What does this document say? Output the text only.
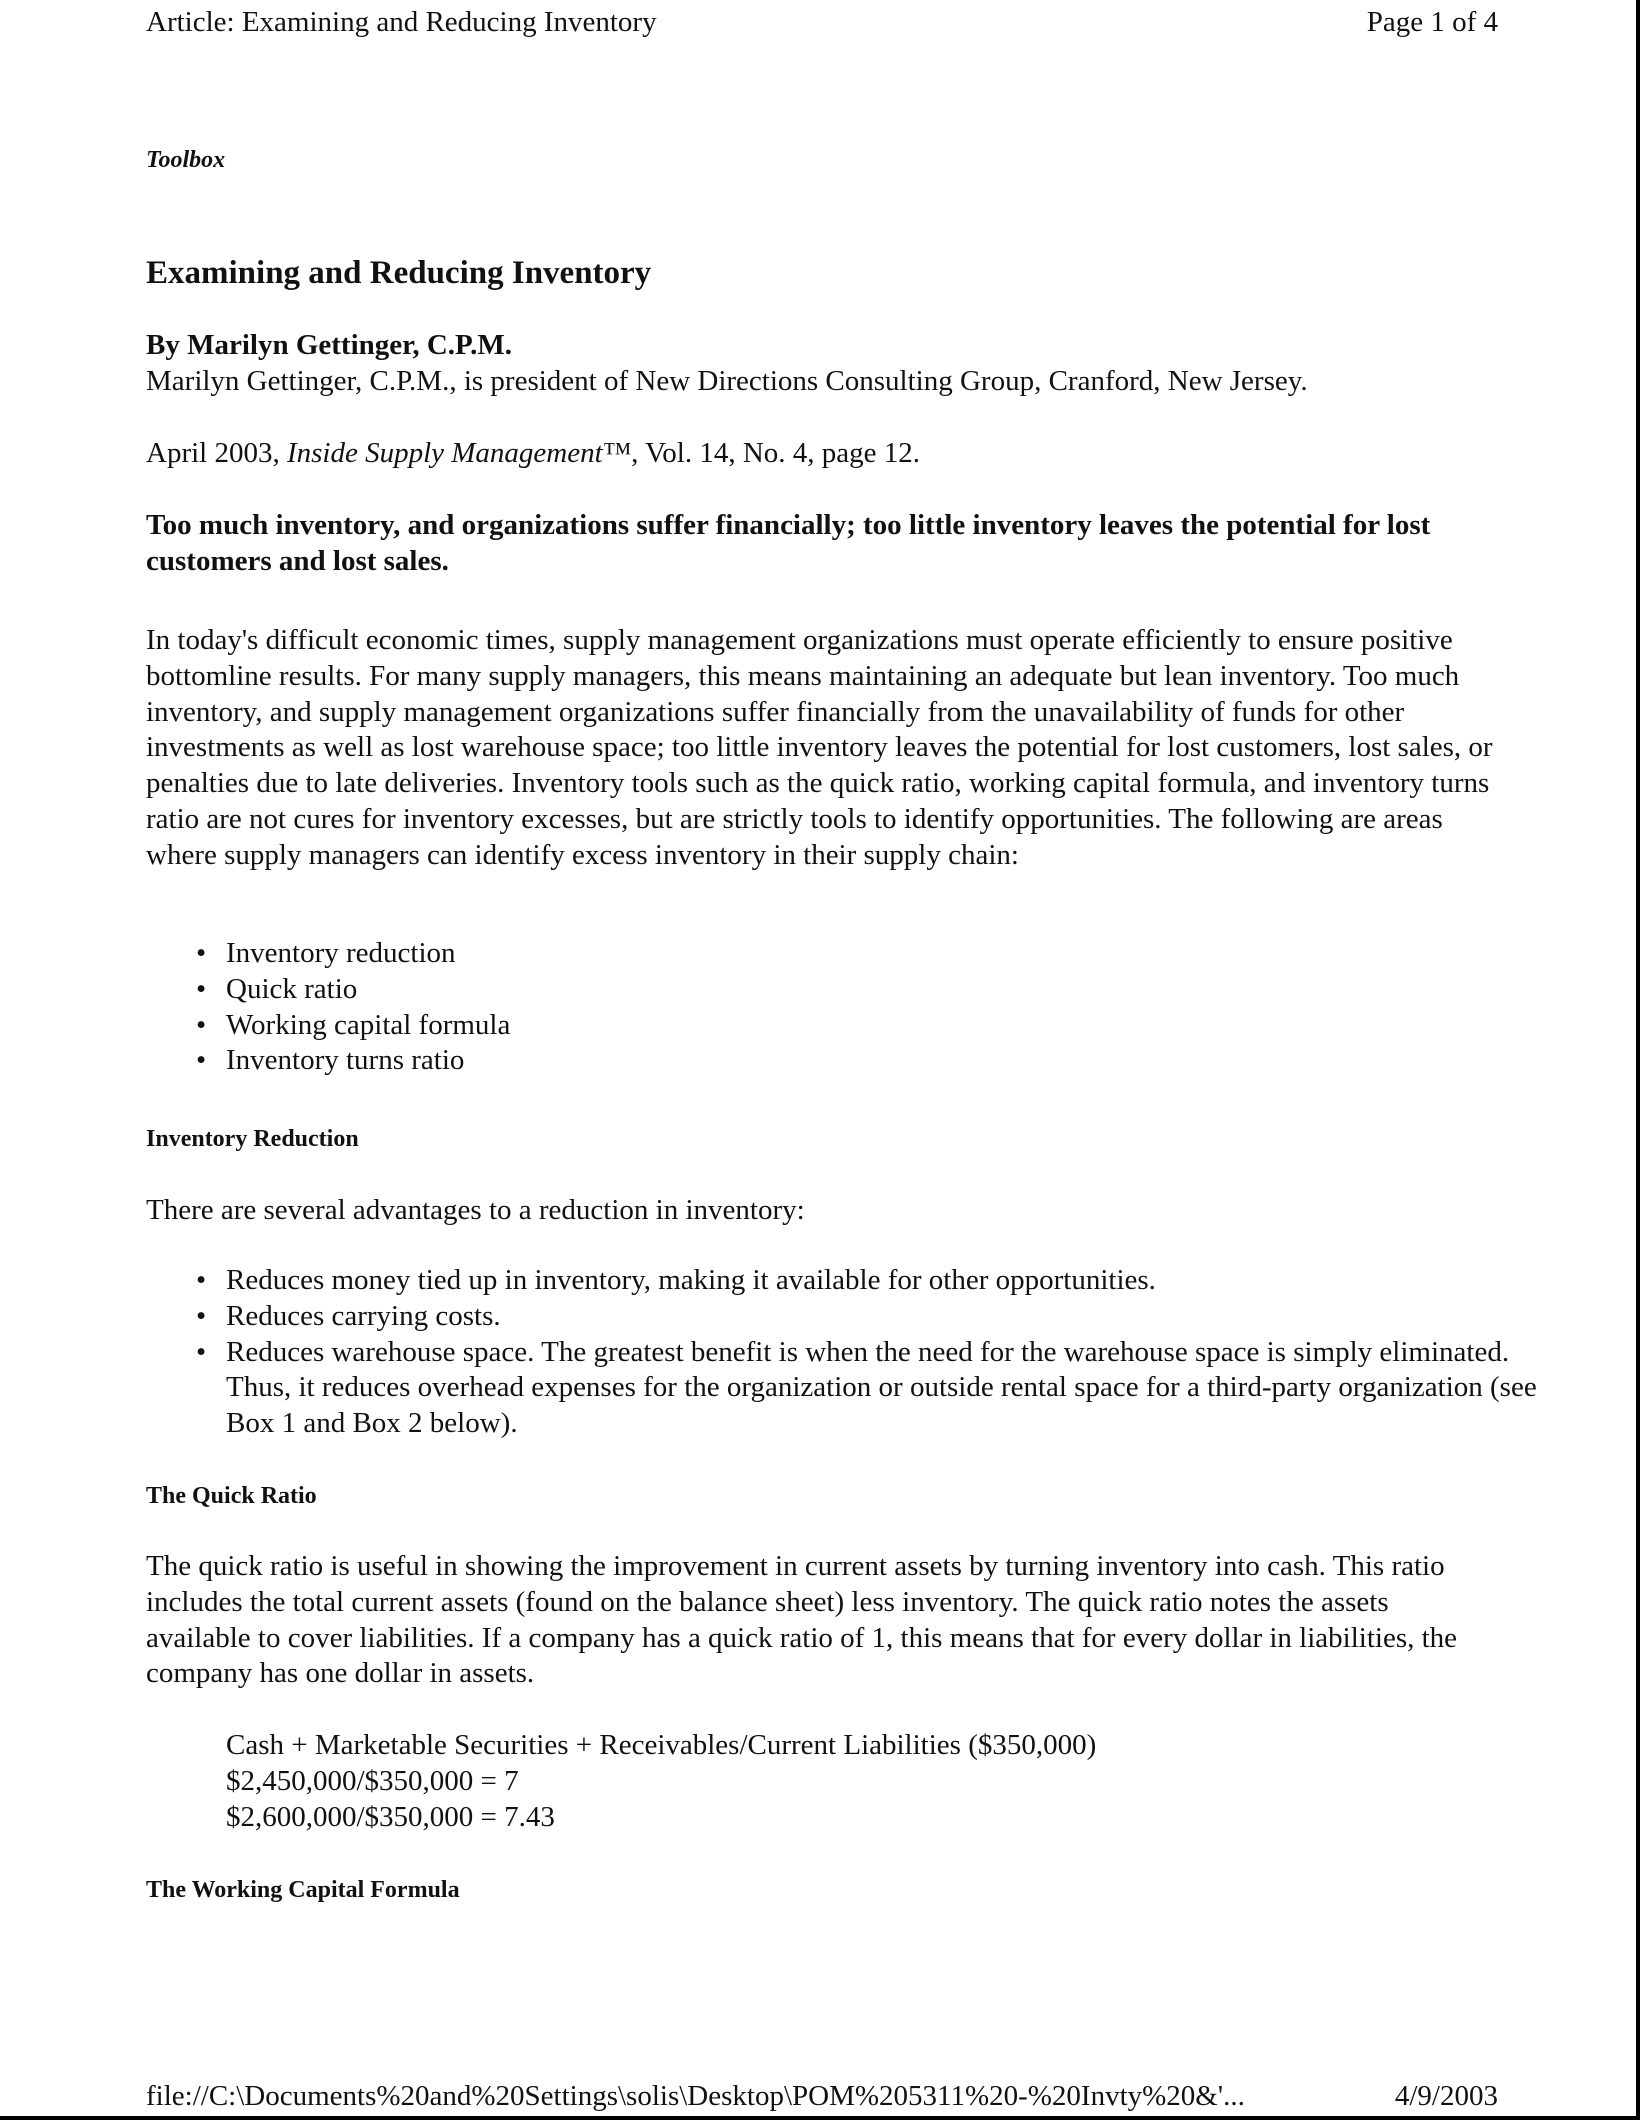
Article: Examining and Reducing Inventory	Page 1 of 4

Toolbox

Examining and Reducing Inventory
By Marilyn Gettinger, C.P.M.
Marilyn Gettinger, C.P.M., is president of New Directions Consulting Group, Cranford, New Jersey.
April 2003, Inside Supply Management™, Vol. 14, No. 4, page 12.
Too much inventory, and organizations suffer financially; too little inventory leaves the potential for lost customers and lost sales.

In today's difficult economic times, supply management organizations must operate efficiently to ensure positive bottomline results. For many supply managers, this means maintaining an adequate but lean inventory. Too much inventory, and supply management organizations suffer financially from the unavailability of funds for other investments as well as lost warehouse space; too little inventory leaves the potential for lost customers, lost sales, or penalties due to late deliveries. Inventory tools such as the quick ratio, working capital formula, and inventory turns ratio are not cures for inventory excesses, but are strictly tools to identify opportunities. The following are areas where supply managers can identify excess inventory in their supply chain:

• Inventory reduction
• Quick ratio
• Working capital formula
• Inventory turns ratio
Inventory Reduction

There are several advantages to a reduction in inventory:

• Reduces money tied up in inventory, making it available for other opportunities.
• Reduces carrying costs.
• Reduces warehouse space. The greatest benefit is when the need for the warehouse space is simply eliminated. Thus, it reduces overhead expenses for the organization or outside rental space for a third-party organization (see Box 1 and Box 2 below).
The Quick Ratio

The quick ratio is useful in showing the improvement in current assets by turning inventory into cash. This ratio includes the total current assets (found on the balance sheet) less inventory. The quick ratio notes the assets available to cover liabilities. If a company has a quick ratio of 1, this means that for every dollar in liabilities, the company has one dollar in assets.

Cash + Marketable Securities + Receivables/Current Liabilities ($350,000)
$2,450,000/$350,000 = 7
$2,600,000/$350,000 = 7.43
The Working Capital Formula
file://C:\Documents%20and%20Settings\solis\Desktop\POM%205311%20-%20Invty%20&'...	4/9/2003
